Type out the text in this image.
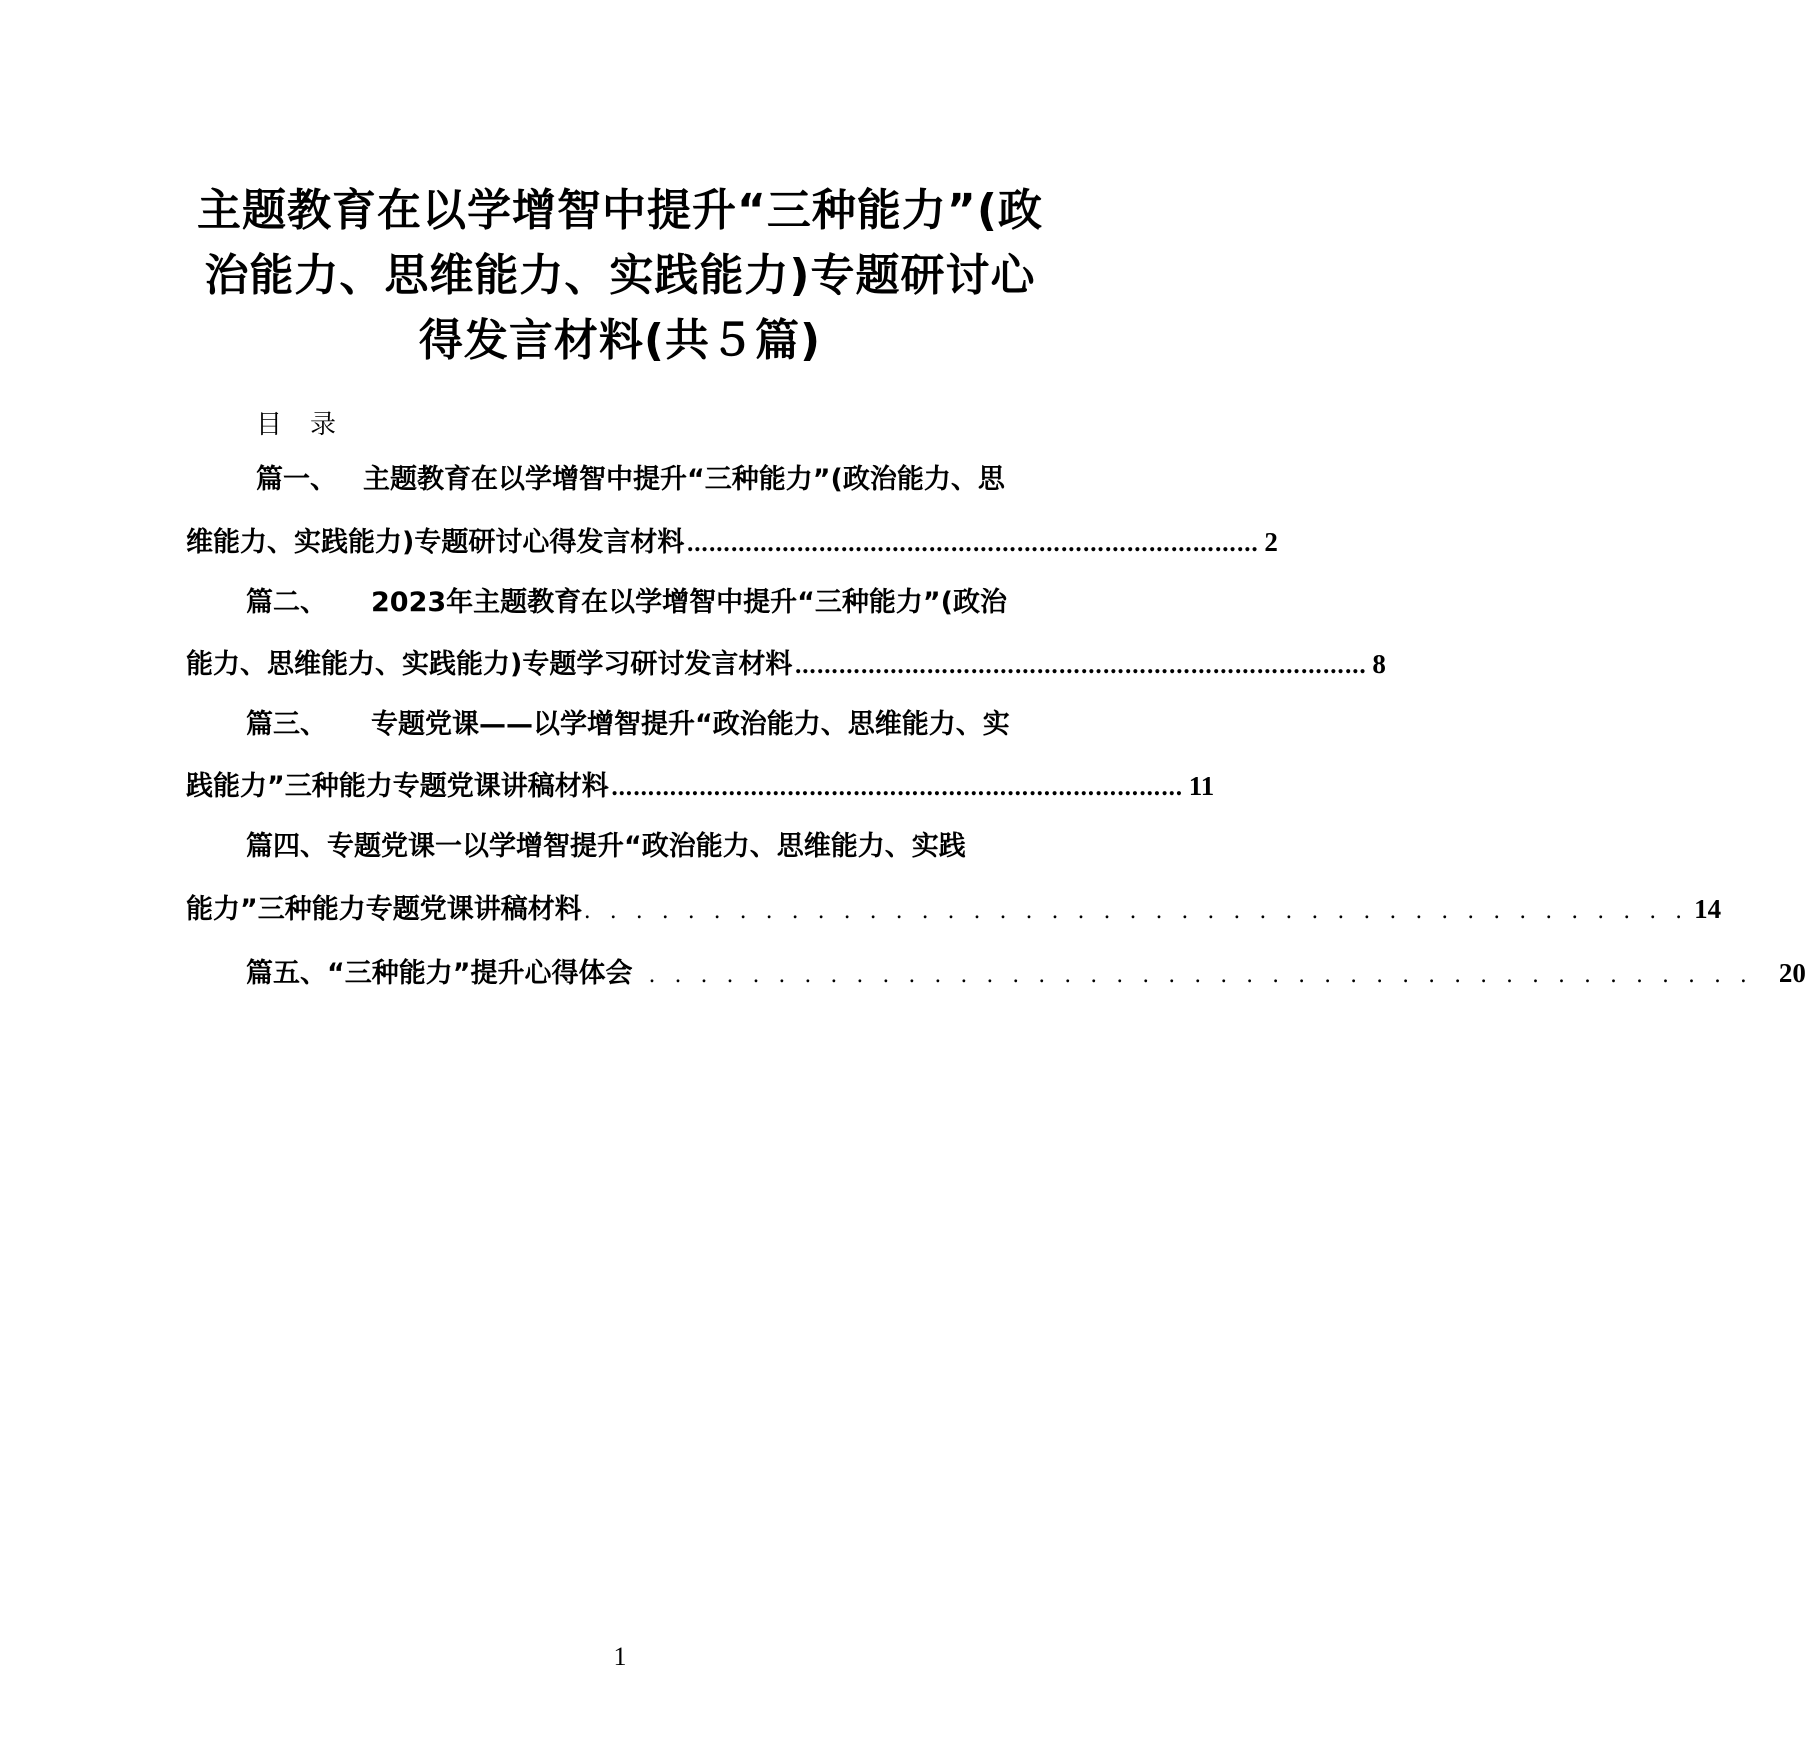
主题教育在以学增智中提升“三种能力”(政
治能力、思维能力、实践能力)专题研讨心
得发言材料(共５篇)
目录
篇一、 主题教育在以学增智中提升“三种能力”(政治能力、思
维能力、实践能力)专题研讨心得发言材料 …………………………………………………………………… 2
篇二、 2023年主题教育在以学增智中提升“三种能力”(政治
能力、思维能力、实践能力)专题学习研讨发言材料 …………………………………………………………………… 8
篇三、 专题党课——以学增智提升“政治能力、思维能力、实
践能力”三种能力专题党课讲稿材料 …………………………………………………………………… 11
篇四、 专题党课一以学增智提升“政治能力、思维能力、实践
能力”三种能力专题党课讲稿材料 . . . . . . . . . . . . . . . . . . . . . . . . . . . . . . . . . . . . . . . . . . . 14
篇五、 “三种能力”提升心得体会 . . . . . . . . . . . . . . . . . . . . . . . . . . . . . . . . . . . . . . . . . . . 20
1
